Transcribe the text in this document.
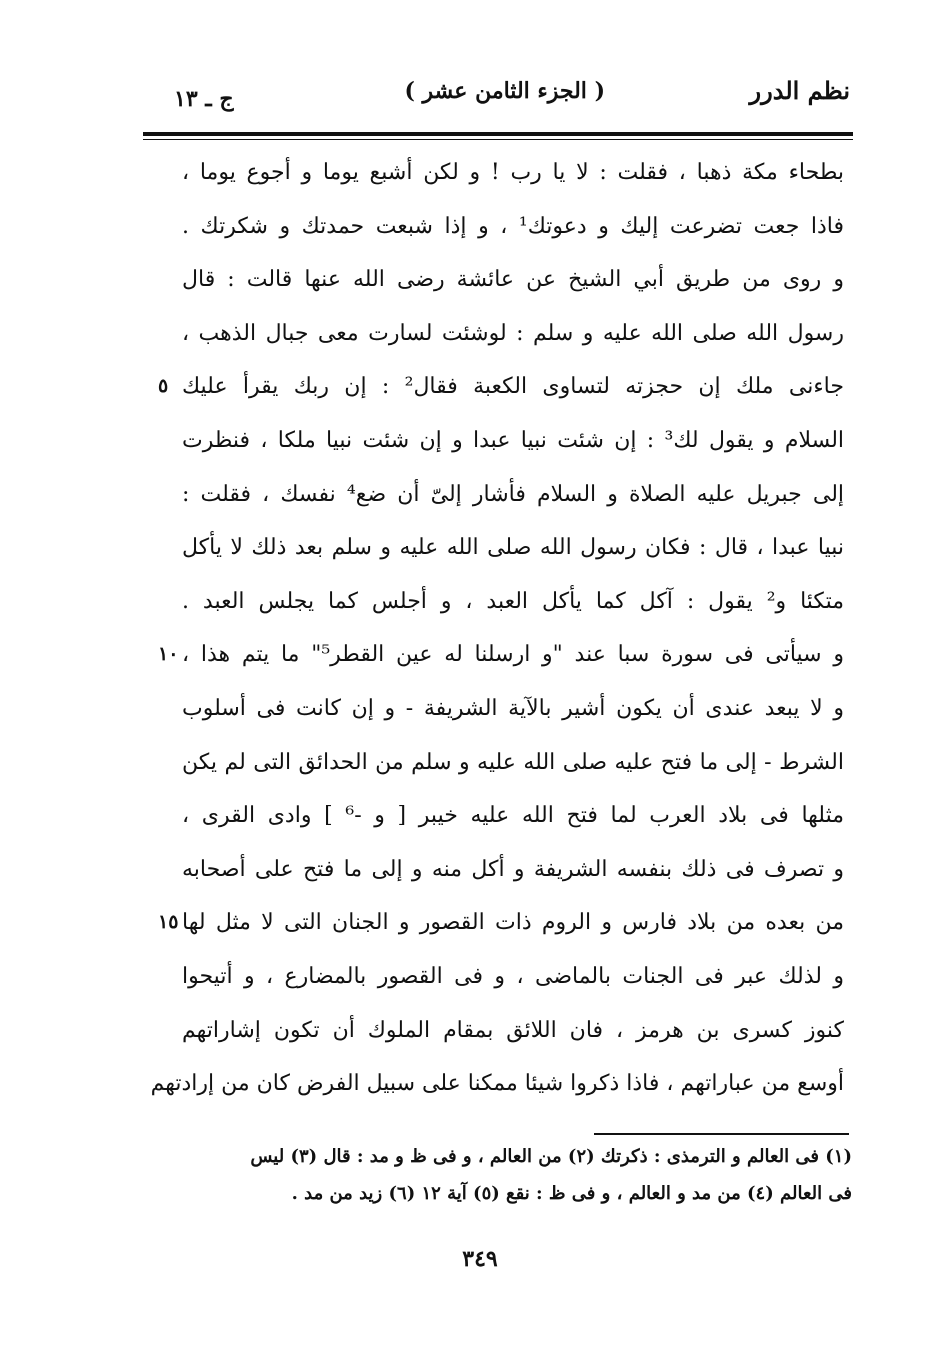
نظم الدرر
( الجزء الثامن عشر )
ج ـ ١٣
بطحاء مكة ذهبا ، فقلت : لا يا رب ! و لكن أشبع يوما و أجوع يوما ،
فاذا جعت تضرعت إليك و دعوتك¹ ، و إذا شبعت حمدتك و شكرتك .
و روى من طريق أبي الشيخ عن عائشة رضى الله عنها قالت : قال
رسول الله صلى الله عليه و سلم : لوشئت لسارت معى جبال الذهب ،
جاءنى ملك إن حجزته لتساوى الكعبة فقال² : إن ربك يقرأ عليك
٥
السلام و يقول لك³ : إن شئت نبيا عبدا و إن شئت نبيا ملكا ، فنظرت
إلى جبريل عليه الصلاة و السلام فأشار إلىّ أن ضع⁴ نفسك ، فقلت :
نبيا عبدا ، قال : فكان رسول الله صلى الله عليه و سلم بعد ذلك لا يأكل
متكئا و² يقول : آكل كما يأكل العبد ، و أجلس كما يجلس العبد .
و سيأتى فى سورة سبا عند "و ارسلنا له عين القطر⁵" ما يتم هذا ،
١٠
و لا يبعد عندى أن يكون أشير بالآية الشريفة - و إن كانت فى أسلوب
الشرط - إلى ما فتح عليه صلى الله عليه و سلم من الحدائق التى لم يكن
مثلها فى بلاد العرب لما فتح الله عليه خيبر [ و -⁶ ] وادى القرى ،
و تصرف فى ذلك بنفسه الشريفة و أكل منه و إلى ما فتح على أصحابه
من بعده من بلاد فارس و الروم ذات القصور و الجنان التى لا مثل لها
١٥
و لذلك عبر فى الجنات بالماضى ، و فى القصور بالمضارع ، و أتيحوا
كنوز كسرى بن هرمز ، فان اللائق بمقام الملوك أن تكون إشاراتهم
أوسع من عباراتهم ، فاذا ذكروا شيئا ممكنا على سبيل الفرض كان من إرادتهم
(١) فى العالم و الترمذى : ذكرتك (٢) من العالم ، و فى ظ و مد : قال (٣) ليس
فى العالم (٤) من مد و العالم ، و فى ظ : نقع (٥) آية ١٢ (٦) زيد من مد .
٣٤٩
